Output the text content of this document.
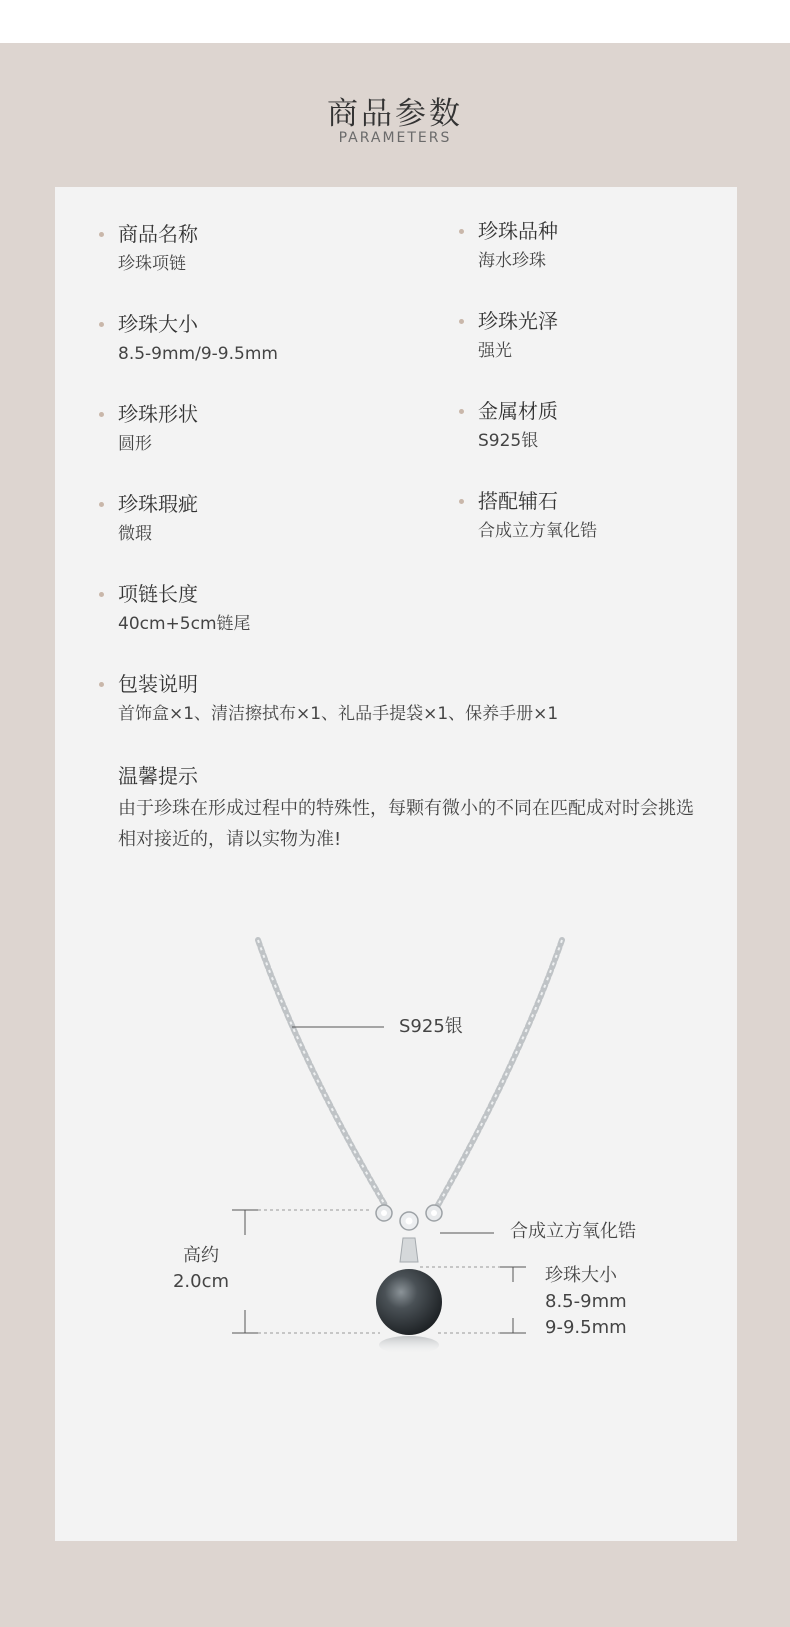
商品参数
PARAMETERS
商品名称
珍珠项链
珍珠大小
8.5-9mm/9-9.5mm
珍珠形状
圆形
珍珠瑕疵
微瑕
项链长度
40cm+5cm链尾
包装说明
首饰盒×1、清洁擦拭布×1、礼品手提袋×1、保养手册×1
珍珠品种
海水珍珠
珍珠光泽
强光
金属材质
S925银
搭配辅石
合成立方氧化锆
温馨提示
由于珍珠在形成过程中的特殊性，每颗有微小的不同在匹配成对时会挑选相对接近的，请以实物为准!
S925银
合成立方氧化锆
高约
2.0cm	珍珠大小
8.5-9mm
9-9.5mm
